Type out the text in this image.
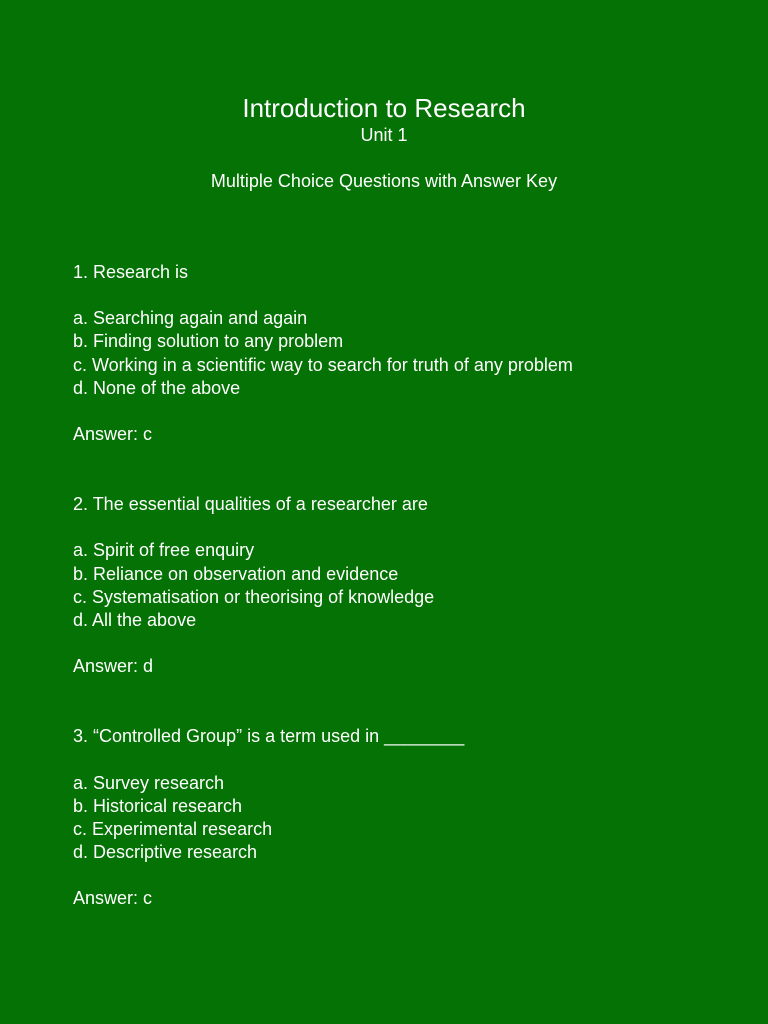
Introduction to Research

Unit 1

Multiple Choice Questions with Answer Key

1. Research is

a. Searching again and again
b. Finding solution to any problem
c. Working in a scientific way to search for truth of any problem
d. None of the above

Answer: c

2. The essential qualities of a researcher are

a. Spirit of free enquiry
b. Reliance on observation and evidence
c. Systematisation or theorising of knowledge
d. All the above

Answer: d

3. “Controlled Group” is a term used in ________

a. Survey research
b. Historical research
c. Experimental research
d. Descriptive research

Answer: c
